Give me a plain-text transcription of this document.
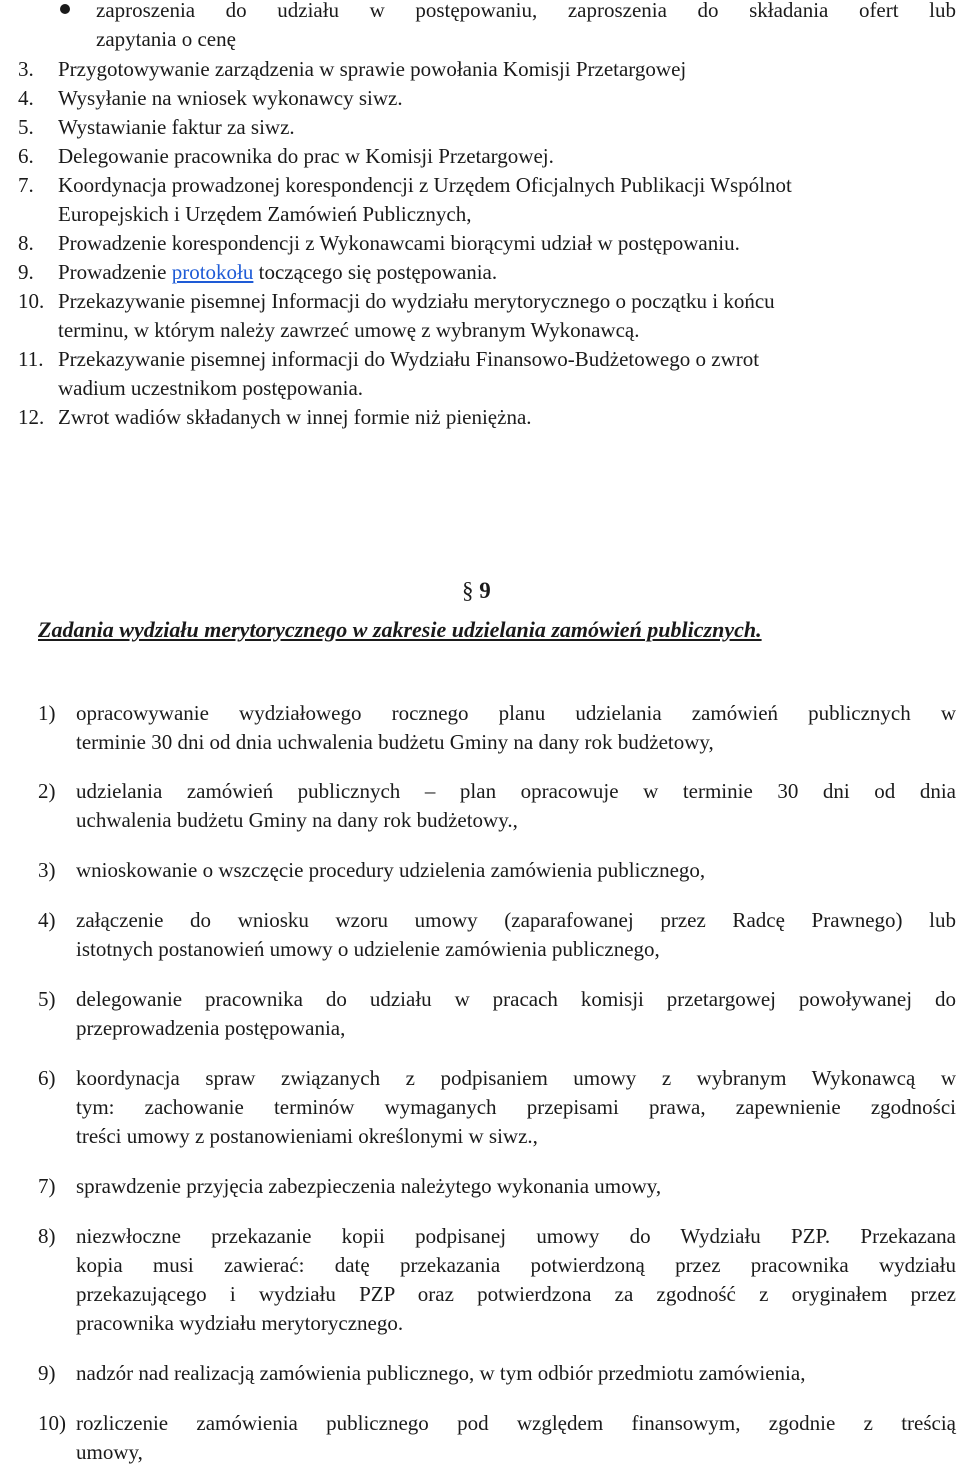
zaproszenia do udziału w postępowaniu, zaproszenia do składania ofert lub
zapytania o cenę
3.	Przygotowywanie zarządzenia w sprawie powołania Komisji Przetargowej
4.	Wysyłanie na wniosek wykonawcy siwz.
5.	Wystawianie faktur za siwz.
6.	Delegowanie pracownika do prac w Komisji Przetargowej.
7.	Koordynacja prowadzonej korespondencji z Urzędem Oficjalnych Publikacji Wspólnot
Europejskich i Urzędem Zamówień Publicznych,
8.	Prowadzenie korespondencji z Wykonawcami biorącymi udział w postępowaniu.
9.	Prowadzenie protokołu toczącego się postępowania.
10. Przekazywanie pisemnej Informacji do wydziału merytorycznego o początku i końcu
terminu, w którym należy zawrzeć umowę z wybranym Wykonawcą.
11. Przekazywanie pisemnej informacji do Wydziału Finansowo-Budżetowego o zwrot
wadium uczestnikom postępowania.
12. Zwrot wadiów składanych w innej formie niż pieniężna.
§ 9
Zadania wydziału merytorycznego w zakresie udzielania zamówień publicznych.
1) opracowywanie wydziałowego rocznego planu udzielania zamówień publicznych w
terminie 30 dni od dnia uchwalenia budżetu Gminy na dany rok budżetowy,
2) udzielania zamówień publicznych – plan opracowuje w terminie 30 dni od dnia
uchwalenia budżetu Gminy na dany rok budżetowy.,
3) wnioskowanie o wszczęcie procedury udzielenia zamówienia publicznego,
4) załączenie do wniosku wzoru umowy (zaparafowanej przez Radcę Prawnego) lub
istotnych postanowień umowy o udzielenie zamówienia publicznego,
5) delegowanie pracownika do udziału w pracach komisji przetargowej powoływanej do
przeprowadzenia postępowania,
6) koordynacja spraw związanych z podpisaniem umowy z wybranym Wykonawcą w
tym: zachowanie terminów wymaganych przepisami prawa, zapewnienie zgodności
treści umowy z postanowieniami określonymi w siwz.,
7) sprawdzenie przyjęcia zabezpieczenia należytego wykonania umowy,
8) niezwłoczne przekazanie kopii podpisanej umowy do Wydziału PZP. Przekazana
kopia musi zawierać: datę przekazania potwierdzoną przez pracownika wydziału
przekazującego i wydziału PZP oraz potwierdzona za zgodność z oryginałem przez
pracownika wydziału merytorycznego.
9) nadzór nad realizacją zamówienia publicznego, w tym odbiór przedmiotu zamówienia,
10) rozliczenie zamówienia publicznego pod względem finansowym, zgodnie z treścią
umowy,
